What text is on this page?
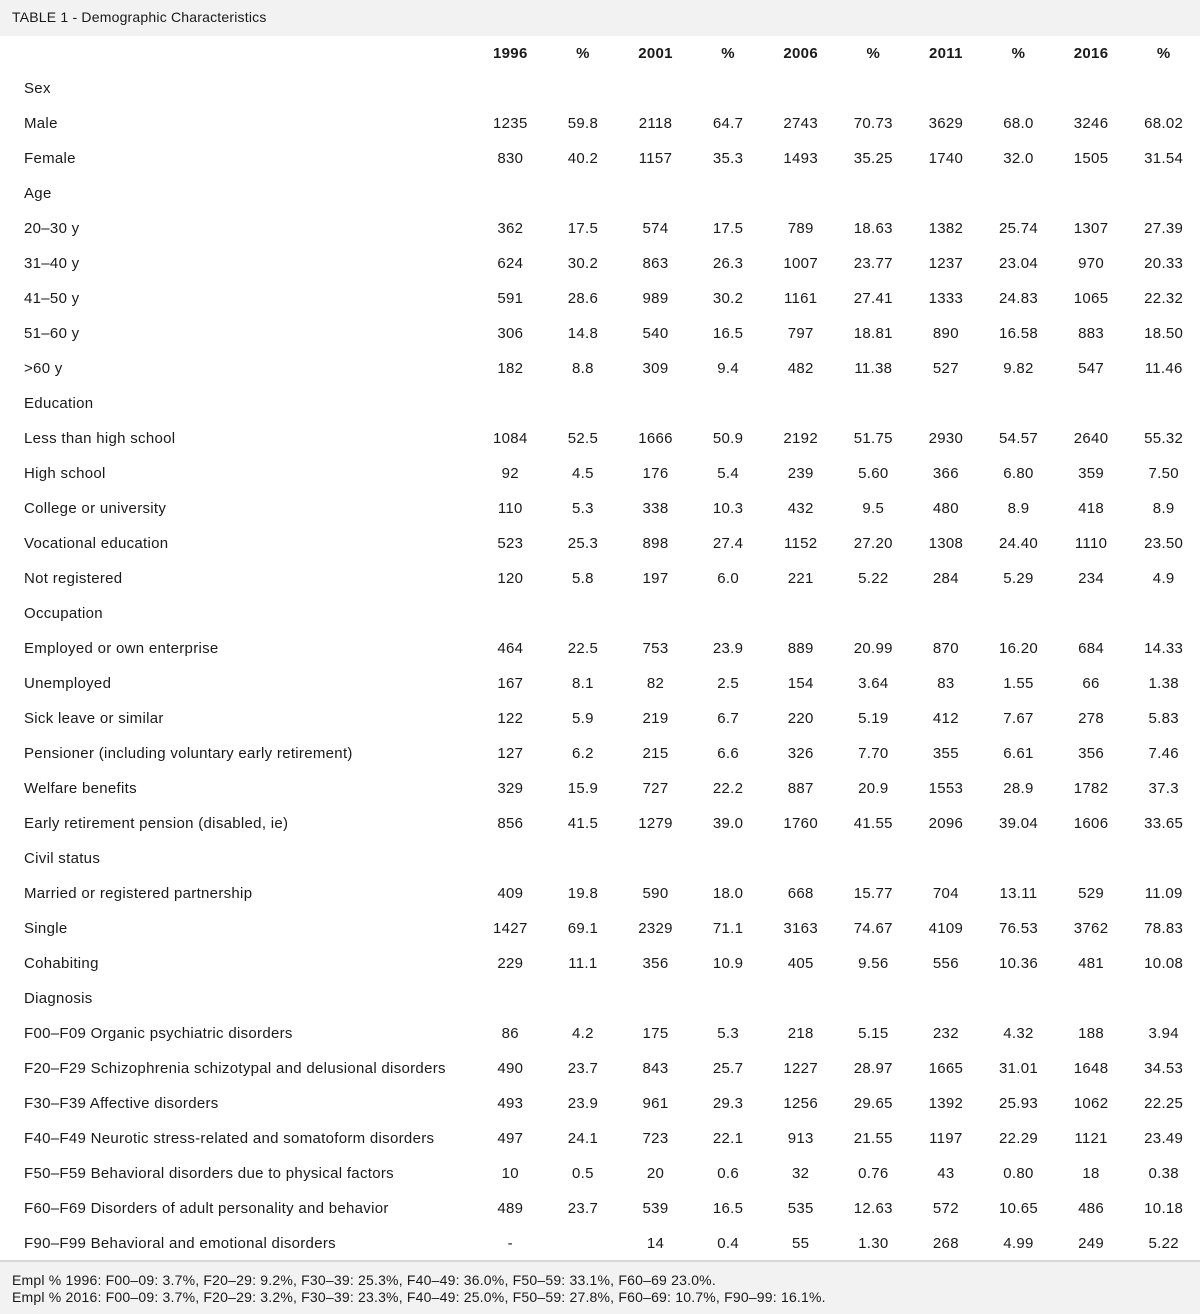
TABLE 1 - Demographic Characteristics
	1996	%	2001	%	2006	%	2011	%	2016	%
Sex										
Male	1235	59.8	2118	64.7	2743	70.73	3629	68.0	3246	68.02
Female	830	40.2	1157	35.3	1493	35.25	1740	32.0	1505	31.54
Age										
20–30 y	362	17.5	574	17.5	789	18.63	1382	25.74	1307	27.39
31–40 y	624	30.2	863	26.3	1007	23.77	1237	23.04	970	20.33
41–50 y	591	28.6	989	30.2	1161	27.41	1333	24.83	1065	22.32
51–60 y	306	14.8	540	16.5	797	18.81	890	16.58	883	18.50
>60 y	182	8.8	309	9.4	482	11.38	527	9.82	547	11.46
Education										
Less than high school	1084	52.5	1666	50.9	2192	51.75	2930	54.57	2640	55.32
High school	92	4.5	176	5.4	239	5.60	366	6.80	359	7.50
College or university	110	5.3	338	10.3	432	9.5	480	8.9	418	8.9
Vocational education	523	25.3	898	27.4	1152	27.20	1308	24.40	1110	23.50
Not registered	120	5.8	197	6.0	221	5.22	284	5.29	234	4.9
Occupation										
Employed or own enterprise	464	22.5	753	23.9	889	20.99	870	16.20	684	14.33
Unemployed	167	8.1	82	2.5	154	3.64	83	1.55	66	1.38
Sick leave or similar	122	5.9	219	6.7	220	5.19	412	7.67	278	5.83
Pensioner (including voluntary early retirement)	127	6.2	215	6.6	326	7.70	355	6.61	356	7.46
Welfare benefits	329	15.9	727	22.2	887	20.9	1553	28.9	1782	37.3
Early retirement pension (disabled, ie)	856	41.5	1279	39.0	1760	41.55	2096	39.04	1606	33.65
Civil status										
Married or registered partnership	409	19.8	590	18.0	668	15.77	704	13.11	529	11.09
Single	1427	69.1	2329	71.1	3163	74.67	4109	76.53	3762	78.83
Cohabiting	229	11.1	356	10.9	405	9.56	556	10.36	481	10.08
Diagnosis										
F00–F09 Organic psychiatric disorders	86	4.2	175	5.3	218	5.15	232	4.32	188	3.94
F20–F29 Schizophrenia schizotypal and delusional disorders	490	23.7	843	25.7	1227	28.97	1665	31.01	1648	34.53
F30–F39 Affective disorders	493	23.9	961	29.3	1256	29.65	1392	25.93	1062	22.25
F40–F49 Neurotic stress-related and somatoform disorders	497	24.1	723	22.1	913	21.55	1197	22.29	1121	23.49
F50–F59 Behavioral disorders due to physical factors	10	0.5	20	0.6	32	0.76	43	0.80	18	0.38
F60–F69 Disorders of adult personality and behavior	489	23.7	539	16.5	535	12.63	572	10.65	486	10.18
F90–F99 Behavioral and emotional disorders	-		14	0.4	55	1.30	268	4.99	249	5.22
Empl % 1996: F00–09: 3.7%, F20–29: 9.2%, F30–39: 25.3%, F40–49: 36.0%, F50–59: 33.1%, F60–69 23.0%.
Empl % 2016: F00–09: 3.7%, F20–29: 3.2%, F30–39: 23.3%, F40–49: 25.0%, F50–59: 27.8%, F60–69: 10.7%, F90–99: 16.1%.
